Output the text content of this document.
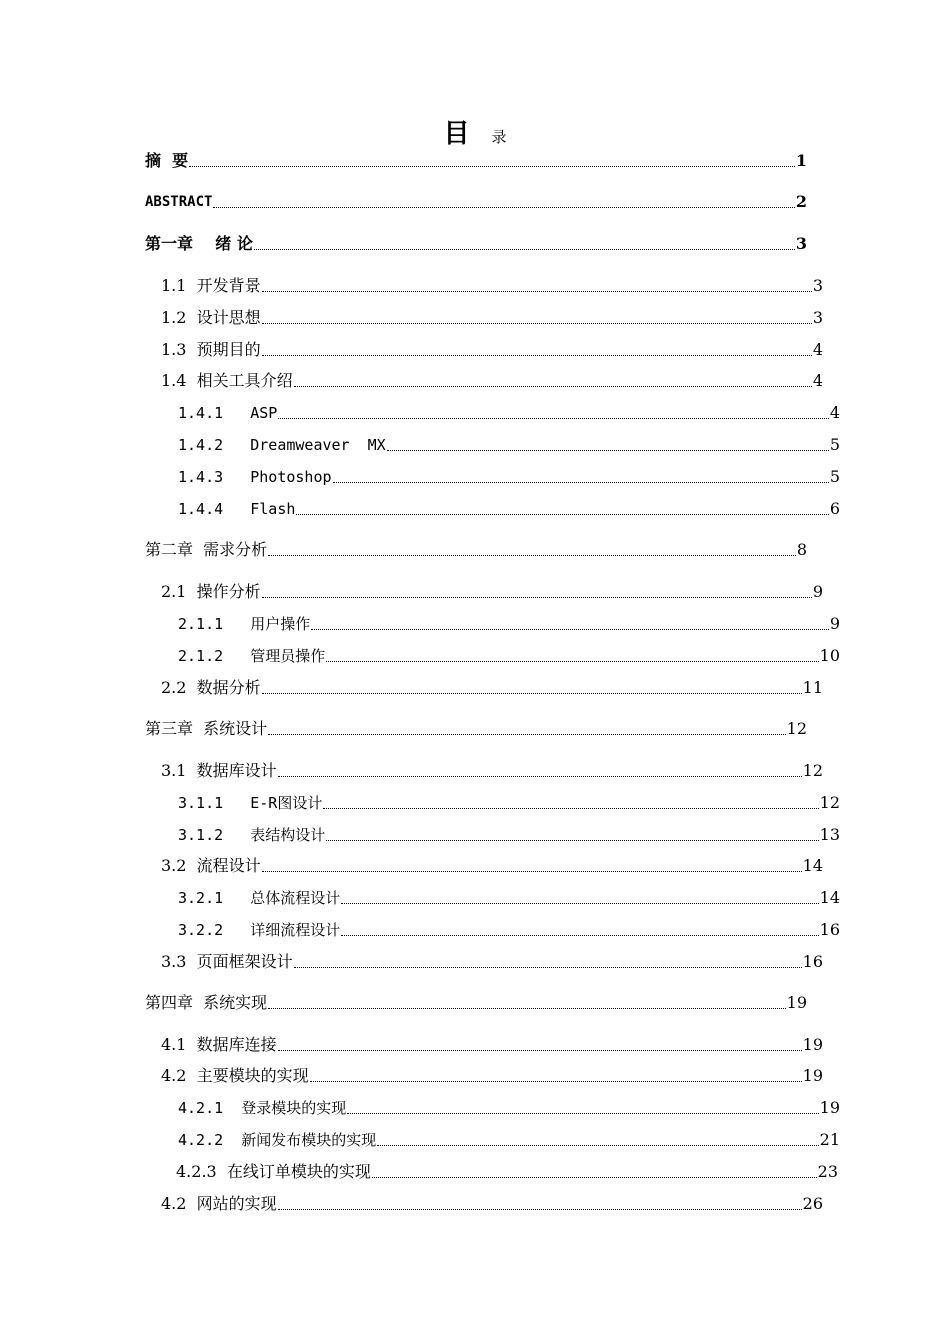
目 录
摘  要	1
ABSTRACT	2
第一章    绪 论	3
1.1  开发背景	3
1.2  设计思想	3
1.3  预期目的	4
1.4  相关工具介绍	4
1.4.1   ASP	4
1.4.2   Dreamweaver  MX	5
1.4.3   Photoshop	5
1.4.4   Flash	6
第二章  需求分析	8
2.1  操作分析	9
2.1.1   用户操作	9
2.1.2   管理员操作	10
2.2  数据分析	11
第三章  系统设计	12
3.1  数据库设计	12
3.1.1   E-R图设计	12
3.1.2   表结构设计	13
3.2  流程设计	14
3.2.1   总体流程设计	14
3.2.2   详细流程设计	16
3.3  页面框架设计	16
第四章  系统实现	19
4.1  数据库连接	19
4.2  主要模块的实现	19
4.2.1  登录模块的实现	19
4.2.2  新闻发布模块的实现	21
4.2.3  在线订单模块的实现	23
4.2  网站的实现	26
